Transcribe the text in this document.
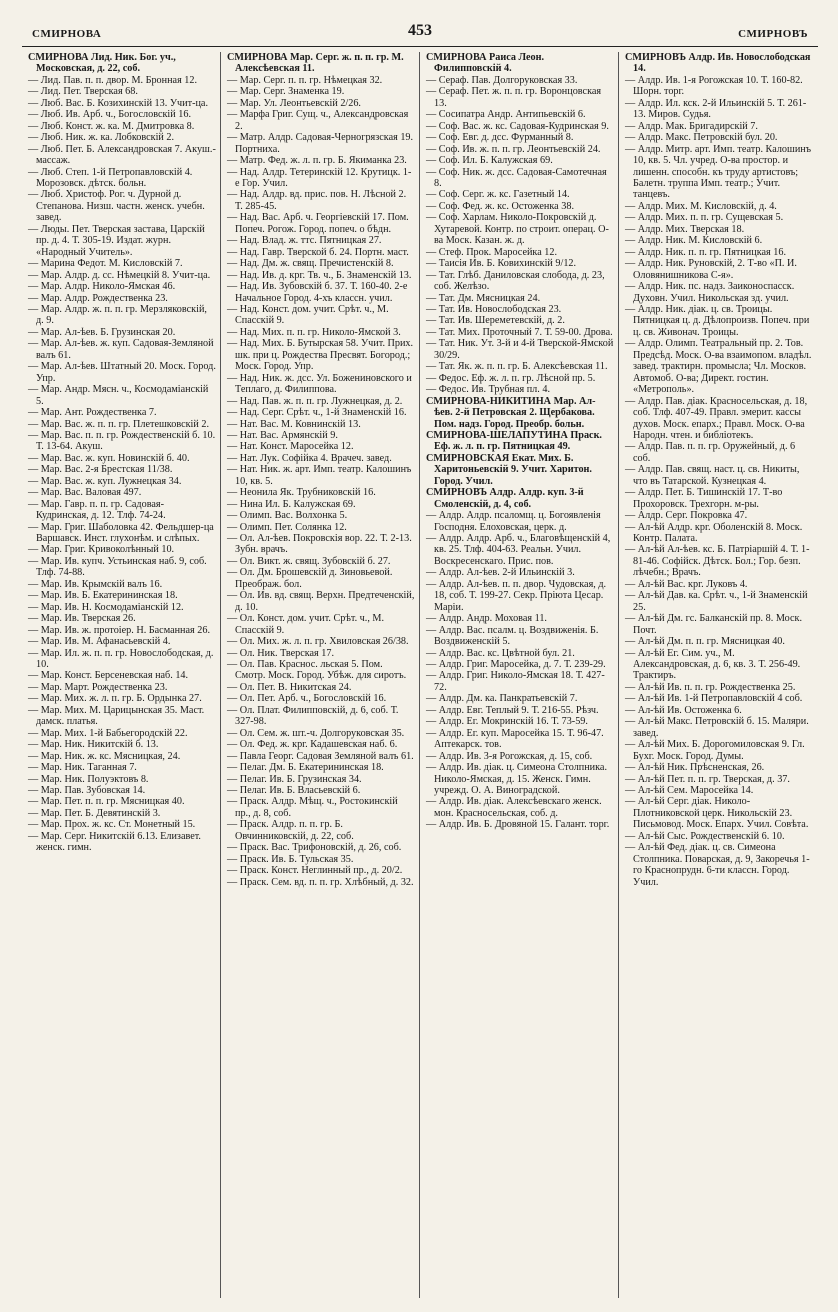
СМИРНОВА	453	СМИРНОВЪ

СМИРНОВА Лид. Ник. Бог. уч., Московская, д. 22, соб.

— Лид. Пав. п. п. двор. М. Бронная 12.

— Лид. Пет. Тверская 68.

— Люб. Вас. Б. Козихинскій 13. Учит-ца.

— Люб. Ив. Арб. ч., Богословскій 16.

— Люб. Конст. ж. ка. М. Дмитровка 8.

— Люб. Ник. ж. ка. Лобковскій 2.

— Люб. Пет. Б. Александровская 7. Акуш.-массаж.

— Люб. Степ. 1-й Петропавловскій 4. Морозовск. дѣтск. больн.

— Люб. Христоф. Рог. ч. Дурной д. Степанова. Низш. частн. женск. учебн. завед.

— Люды. Пет. Тверская застава, Царскій пр. д. 4. Т. 305-19. Издат. журн. «Народный Учитель».

— Марина Федот. М. Кисловскій 7.

— Мар. Алдр. д. сс. Нѣмецкій 8. Учит-ца.

— Мар. Алдр. Николо-Ямская 46.

— Мар. Алдр. Рождественка 23.

— Мар. Алдр. ж. п. п. гр. Мерзляковскій, д. 9.

— Мар. Ал-ѣев. Б. Грузинская 20.

— Мар. Ал-ѣев. ж. куп. Садовая-Земляной валъ 61.

— Мар. Ал-ѣев. Штатный 20. Моск. Город. Упр.

— Мар. Андр. Мясн. ч., Космодаміанскій 5.

— Мар. Ант. Рождественка 7.

— Мар. Вас. ж. п. п. гр. Плетешковскій 2.

— Мар. Вас. п. п. гр. Рождественскій б. 10. Т. 13-64. Акуш.

— Мар. Вас. ж. куп. Новинскій б. 40.

— Мар. Вас. 2-я Брестская 11/38.

— Мар. Вас. ж. куп. Лужнецкая 34.

— Мар. Вас. Валовая 497.

— Мар. Гавр. п. п. гр. Садовая-Кудринская, д. 12. Тлф. 74-24.

— Мар. Григ. Шаболовка 42. Фельдшер-ца Варшавск. Инст. глухонѣм. и слѣпых.

— Мар. Григ. Кривоколѣнный 10.

— Мар. Ив. купч. Устьинская наб. 9, соб. Тлф. 74-88.

— Мар. Ив. Крымскій валъ 16.

— Мар. Ив. Б. Екатерининская 18.

— Мар. Ив. Н. Космодаміанскій 12.

— Мар. Ив. Тверская 26.

— Мар. Ив. ж. протоіер. Н. Басманная 26.

— Мар. Ив. М. Афанасьевскій 4.

— Мар. Ил. ж. п. п. гр. Новослободская, д. 10.

— Мар. Конст. Берсеневская наб. 14.

— Мар. Март. Рождественка 23.

— Мар. Мих. ж. л. п. гр. Б. Ордынка 27.

— Мар. Мих. М. Царицынская 35. Маст. дамск. платья.

— Мар. Мих. 1-й Бабьегородскій 22.

— Мар. Ник. Никитскій б. 13.

— Мар. Ник. ж. кс. Мясницкая, 24.

— Мар. Ник. Таганная 7.

— Мар. Ник. Полуэктовъ 8.

— Мар. Пав. Зубовская 14.

— Мар. Пет. п. п. гр. Мясницкая 40.

— Мар. Пет. Б. Девятинскій 3.

— Мар. Прох. ж. кс. Ст. Монетный 15.

— Мар. Серг. Никитскій 6.13. Елизавет. женск. гимн.

СМИРНОВА Мар. Серг. ж. п. п. гр. М. Алексѣевская 11.

— Мар. Серг. п. п. гр. Нѣмецкая 32.

— Мар. Серг. Знаменка 19.

— Мар. Ул. Леонтьевскій 2/26.

— Марфа Григ. Сущ. ч., Александровская 2.

— Матр. Алдр. Садовая-Черногрязская 19. Портниха.

— Матр. Фед. ж. л. п. гр. Б. Якиманка 23.

— Над. Алдр. Тетеринскій 12. Крутицк. 1-е Гор. Учил.

— Над. Алдр. вд. прис. пов. Н. Лѣсной 2. Т. 285-45.

— Над. Вас. Арб. ч. Георгіевскій 17. Пом. Попеч. Рогож. Город. попеч. о бѣдн.

— Над. Влад. ж. ттс. Пятницкая 27.

— Над. Гавр. Тверской б. 24. Портн. маст.

— Над. Дм. ж. свящ. Пречистенскій 8.

— Над. Ив. д. крг. Тв. ч., Б. Знаменскій 13.

— Над. Ив. Зубовскій б. 37. Т. 160-40. 2-е Начальное Город. 4-хъ классн. учил.

— Над. Конст. дом. учит. Срѣт. ч., М. Спасскій 9.

— Над. Мих. п. п. гр. Николо-Ямской 3.

— Над. Мих. Б. Бутырская 58. Учит. Прих. шк. при ц. Рождества Пресвят. Богород.; Моск. Город. Упр.

— Над. Ник. ж. дсс. Ул. Божениновского и Теплаго, д. Филиппова.

— Над. Пав. ж. п. п. гр. Лужнецкая, д. 2.

— Над. Серг. Срѣт. ч., 1-й Знаменскій 16.

— Нат. Вас. М. Ковнинскій 13.

— Нат. Вас. Армянскій 9.

— Нат. Конст. Маросейка 12.

— Нат. Лук. Софійка 4. Врачеч. завед.

— Нат. Ник. ж. арт. Имп. театр. Калошинъ 10, кв. 5.

— Неонила Як. Трубниковскій 16.

— Нина Ил. Б. Калужская 69.

— Олимп. Вас. Волхонка 5.

— Олимп. Пет. Солянка 12.

— Ол. Ал-ѣев. Покровскія вор. 22. Т. 2-13. Зубн. врачъ.

— Ол. Викт. ж. свящ. Зубовскій б. 27.

— Ол. Дм. Брошевскій д. Зиновьевой. Преображ. бол.

— Ол. Ив. вд. свящ. Верхн. Предтеченскій, д. 10.

— Ол. Конст. дом. учит. Срѣт. ч., М. Спасскій 9.

— Ол. Мих. ж. л. п. гр. Хвиловская 26/38.

— Ол. Ник. Тверская 17.

— Ол. Пав. Краснос. льская 5. Пом. Смотр. Моск. Город. Убѣж. для сиротъ.

— Ол. Пет. В. Никитская 24.

— Ол. Пет. Арб. ч., Богословскій 16.

— Ол. Плат. Филипповскій, д. 6, соб. Т. 327-98.

— Ол. Сем. ж. шт.-ч. Долгоруковская 35.

— Ол. Фед. ж. крг. Кадашевская наб. 6.

— Павла Георг. Садовая Земляной валъ 61.

— Пелаг. Дм. Б. Екатерининская 18.

— Пелаг. Ив. Б. Грузинская 34.

— Пелаг. Ив. Б. Власьевскій 6.

— Праск. Алдр. Мѣщ. ч., Ростокинскій пр., д. 8, соб.

— Праск. Алдр. п. п. гр. Б. Овчинниковскій, д. 22, соб.

— Праск. Вас. Трифоновскій, д. 26, соб.

— Праск. Ив. Б. Тульская 35.

— Праск. Конст. Неглинный пр., д. 20/2.

— Праск. Сем. вд. п. п. гр. Хлѣбный, д. 32.

СМИРНОВА Раиса Леон. Филипповскій 4.

— Сераф. Пав. Долгоруковская 33.

— Сераф. Пет. ж. п. п. гр. Воронцовская 13.

— Сосипатра Андр. Антипьевскій 6.

— Соф. Вас. ж. кс. Садовая-Кудринская 9.

— Соф. Евг. д. дсс. Фурманный 8.

— Соф. Ив. ж. п. п. гр. Леонтьевскій 24.

— Соф. Ил. Б. Калужская 69.

— Соф. Ник. ж. дсс. Садовая-Самотечная 8.

— Соф. Серг. ж. кс. Газетный 14.

— Соф. Фед. ж. кс. Остоженка 38.

— Соф. Харлам. Николо-Покровскій д. Хутаревой. Контр. по строит. операц. О-ва Моск. Казан. ж. д.

— Стеф. Прок. Маросейка 12.

— Таисія Ив. Б. Ковихинскій 9/12.

— Тат. Глѣб. Даниловская слобода, д. 23, соб. Желѣзо.

— Тат. Дм. Мясницкая 24.

— Тат. Ив. Новослободская 23.

— Тат. Ив. Шереметевскій, д. 2.

— Тат. Мих. Проточный 7. Т. 59-00. Дрова.

— Тат. Ник. Ут. 3-й и 4-й Тверской-Ямской 30/29.

— Тат. Як. ж. п. п. гр. Б. Алексѣевская 11.

— Федос. Еф. ж. л. п. гр. Лѣсной пр. 5.

— Федос. Ив. Трубная пл. 4.

СМИРНОВА-НИКИТИНА Мар. Ал-ѣев. 2-й Петровская 2. Щербакова. Пом. надз. Город. Преобр. больн.

СМИРНОВА-ШЕЛАПУТИНА Праск. Еф. ж. л. п. гр. Пятницкая 49.

СМИРНОВСКАЯ Екат. Мих. Б. Харитоньевскій 9. Учит. Харитон. Город. Учил.

СМИРНОВЪ Алдр. Алдр. куп. 3-й Смоленскій, д. 4, соб.

— Алдр. Алдр. псаломщ. ц. Богоявленія Господня. Елоховская, церк. д.

— Алдр. Алдр. Арб. ч., Благовѣщенскій 4, кв. 25. Тлф. 404-63. Реальн. Учил. Воскресенскаго. Прис. пов.

— Алдр. Ал-ѣев. 2-й Ильинскій 3.

— Алдр. Ал-ѣев. п. п. двор. Чудовская, д. 18, соб. Т. 199-27. Секр. Пріюта Цесар. Маріи.

— Алдр. Андр. Моховая 11.

— Алдр. Вас. псалм. ц. Воздвиженія. Б. Воздвиженскій 5.

— Алдр. Вас. кс. Цвѣтной бул. 21.

— Алдр. Григ. Маросейка, д. 7. Т. 239-29.

— Алдр. Григ. Николо-Ямская 18. Т. 427-72.

— Алдр. Дм. ка. Панкратьевскій 7.

— Алдр. Евг. Теплый 9. Т. 216-55. Рѣзч.

— Алдр. Ег. Мокринскій 16. Т. 73-59.

— Алдр. Ег. куп. Маросейка 15. Т. 96-47. Аптекарск. тов.

— Алдр. Ив. 3-я Рогожская, д. 15, соб.

— Алдр. Ив. діак. ц. Симеона Столпника. Николо-Ямская, д. 15. Женск. Гимн. учрежд. О. А. Виноградской.

— Алдр. Ив. діак. Алексѣевскаго женск. мон. Красносельская, соб. д.

— Алдр. Ив. Б. Дровяной 15. Галант. торг.

СМИРНОВЪ Алдр. Ив. Новослободская 14.

— Алдр. Ив. 1-я Рогожская 10. Т. 160-82. Шорн. торг.

— Алдр. Ил. кск. 2-й Ильинскій 5. Т. 261-13. Миров. Судья.

— Алдр. Мак. Бригадирскій 7.

— Алдр. Макс. Петровскій бул. 20.

— Алдр. Митр. арт. Имп. театр. Калошинъ 10, кв. 5. Чл. учред. О-ва простор. и лишенн. способн. къ труду артистовъ; Балетн. труппа Имп. театр.; Учит. танцевъ.

— Алдр. Мих. М. Кисловскій, д. 4.

— Алдр. Мих. п. п. гр. Сущевская 5.

— Алдр. Мих. Тверская 18.

— Алдр. Ник. М. Кисловскій 6.

— Алдр. Ник. п. п. гр. Пятницкая 16.

— Алдр. Ник. Руновскій, 2. Т-во «П. И. Оловянишникова С-я».

— Алдр. Ник. пс. надз. Заиконоспасск. Духовн. Учил. Никольская зд. учил.

— Алдр. Ник. діак. ц. св. Троицы. Пятницкая ц. д. Дѣлопроизв. Попеч. при ц. св. Живонач. Троицы.

— Алдр. Олимп. Театральный пр. 2. Тов. Предсѣд. Моск. О-ва взаимопом. владѣл. завед. трактирн. промысла; Чл. Москов. Автомоб. О-ва; Директ. гостин. «Метрополь».

— Алдр. Пав. діак. Красносельская, д. 18, соб. Тлф. 407-49. Правл. эмерит. кассы духов. Моск. епарх.; Правл. Моск. О-ва Народн. чтен. и библіотекъ.

— Алдр. Пав. п. п. гр. Оружейный, д. 6 соб.

— Алдр. Пав. свящ. наст. ц. св. Никиты, что въ Татарской. Кузнецкая 4.

— Алдр. Пет. Б. Тишинскій 17. Т-во Прохоровск. Трехгорн. м-ры.

— Алдр. Серг. Покровка 47.

— Ал-ѣй Алдр. крг. Оболенскій 8. Моск. Контр. Палата.

— Ал-ѣй Ал-ѣев. кс. Б. Патріаршій 4. Т. 1-81-46. Софійск. Дѣтск. Бол.; Гор. безп. лѣчебн.; Врачъ.

— Ал-ѣй Вас. крг. Луковъ 4.

— Ал-ѣй Дав. ка. Срѣт. ч., 1-й Знаменскій 25.

— Ал-ѣй Дм. гс. Балканскій пр. 8. Моск. Почт.

— Ал-ѣй Дм. п. п. гр. Мясницкая 40.

— Ал-ѣй Ег. Сим. уч., М. Александровская, д. 6, кв. 3. Т. 256-49. Трактиръ.

— Ал-ѣй Ив. п. п. гр. Рождественка 25.

— Ал-ѣй Ив. 1-й Петропавловскій 4 соб.

— Ал-ѣй Ив. Остоженка 6.

— Ал-ѣй Макс. Петровскій б. 15. Маляри. завед.

— Ал-ѣй Мих. Б. Дорогомиловская 9. Гл. Бухг. Моск. Город. Думы.

— Ал-ѣй Ник. Прѣсненская, 26.

— Ал-ѣй Пет. п. п. гр. Тверская, д. 37.

— Ал-ѣй Сем. Маросейка 14.

— Ал-ѣй Серг. діак. Николо-Плотниковской церк. Никольскій 23. Письмовод. Моск. Епарх. Учил. Совѣта.

— Ал-ѣй Сыс. Рождественскій 6. 10.

— Ал-ѣй Фед. діак. ц. св. Симеона Столпника. Поварская, д. 9, Закоречья 1-го Краснопрудн. 6-ти классн. Город. Учил.
